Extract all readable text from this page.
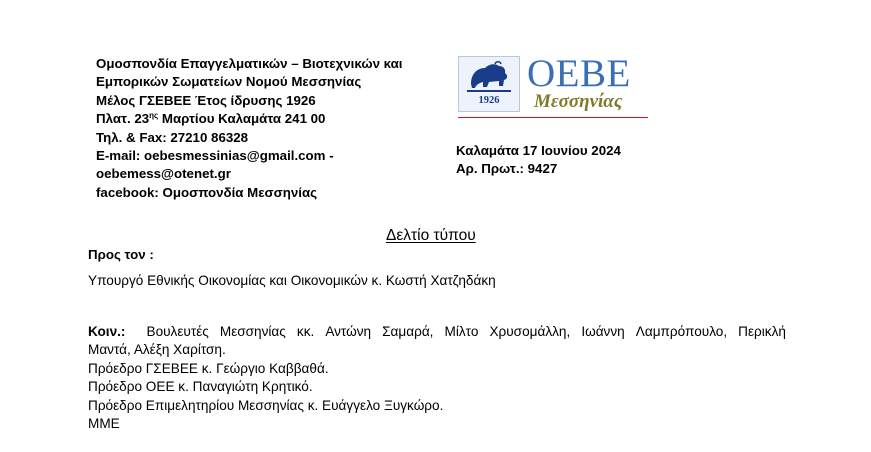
Ομοσπονδία Επαγγελματικών – Βιοτεχνικών και
Εμπορικών Σωματείων Νομού Μεσσηνίας
Μέλος ΓΣΕΒΕΕ Έτος ίδρυσης 1926
Πλατ. $23^{\eta\varsigma}$ Μαρτίου Καλαμάτα 241 00
Τηλ. & Fax: 27210 86328
E-mail: oebesmessinias@gmail.com -
oebemess@otenet.gr
facebook: Ομοσπονδία Μεσσηνίας
1926
ΟΕΒΕ
Μεσσηνίας
Καλαμάτα 17 Ιουνίου 2024
Αρ. Πρωτ.: 9427
Δελτίο τύπου
Προς τον :
Υπουργό Εθνικής Οικονομίας και Οικονομικών κ. Κωστή Χατζηδάκη
Κοιν.: Βουλευτές Μεσσηνίας κκ. Αντώνη Σαμαρά, Μίλτο Χρυσομάλλη, Ιωάννη Λαμπρόπουλο, Περικλή
Μαντά, Αλέξη Χαρίτση.
Πρόεδρο ΓΣΕΒΕΕ κ. Γεώργιο Καββαθά.
Πρόεδρο ΟΕΕ κ. Παναγιώτη Κρητικό.
Πρόεδρο Επιμελητηρίου Μεσσηνίας κ. Ευάγγελο Ξυγκώρο.
ΜΜΕ
